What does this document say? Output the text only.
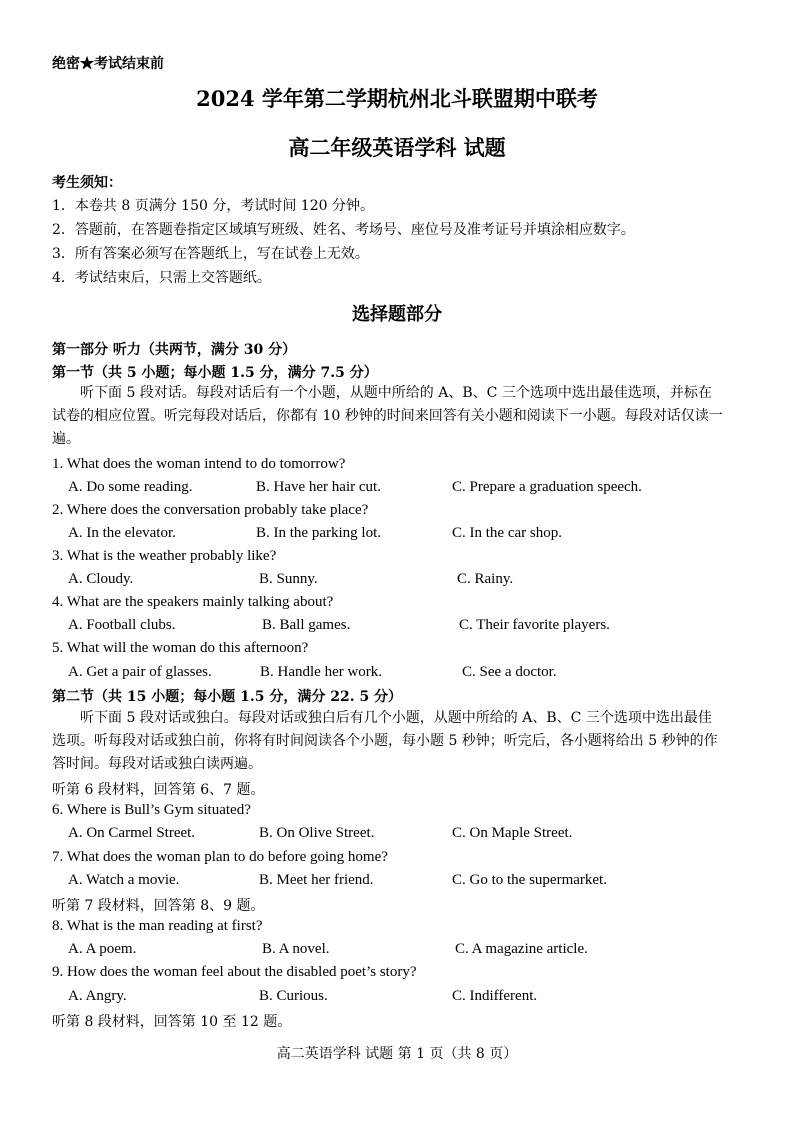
绝密★考试结束前
2024 学年第二学期杭州北斗联盟期中联考
高二年级英语学科 试题
考生须知：
1．本卷共 8 页满分 150 分，考试时间 120 分钟。
2．答题前，在答题卷指定区域填写班级、姓名、考场号、座位号及准考证号并填涂相应数字。
3．所有答案必须写在答题纸上，写在试卷上无效。
4．考试结束后，只需上交答题纸。
选择题部分
第一部分 听力（共两节，满分 30 分）
第一节（共 5 小题；每小题 1.5 分，满分 7.5 分）
听下面 5 段对话。每段对话后有一个小题，从题中所给的 A、B、C 三个选项中选出最佳选项，并标在试卷的相应位置。听完每段对话后，你都有 10 秒钟的时间来回答有关小题和阅读下一小题。每段对话仅读一遍。
1. What does the woman intend to do tomorrow?
A. Do some reading.	B. Have her hair cut.	C. Prepare a graduation speech.
2. Where does the conversation probably take place?
A. In the elevator.	B. In the parking lot.	C. In the car shop.
3. What is the weather probably like?
A. Cloudy.	B. Sunny.	C. Rainy.
4. What are the speakers mainly talking about?
A. Football clubs.	B. Ball games.	C. Their favorite players.
5. What will the woman do this afternoon?
A. Get a pair of glasses.	B. Handle her work.	C. See a doctor.
第二节（共 15 小题；每小题 1.5 分，满分 22. 5 分）
听下面 5 段对话或独白。每段对话或独白后有几个小题，从题中所给的 A、B、C 三个选项中选出最佳选项。听每段对话或独白前，你将有时间阅读各个小题，每小题 5 秒钟；听完后，各小题将给出 5 秒钟的作答时间。每段对话或独白读两遍。
听第 6 段材料，回答第 6、7 题。
6. Where is Bull’s Gym situated?
A. On Carmel Street.	B. On Olive Street.	C. On Maple Street.
7. What does the woman plan to do before going home?
A. Watch a movie.	B. Meet her friend.	C. Go to the supermarket.
听第 7 段材料，回答第 8、9 题。
8. What is the man reading at first?
A. A poem.	B. A novel.	C. A magazine article.
9. How does the woman feel about the disabled poet’s story?
A. Angry.	B. Curious.	C. Indifferent.
听第 8 段材料，回答第 10 至 12 题。
高二英语学科 试题 第 1 页（共 8 页）
